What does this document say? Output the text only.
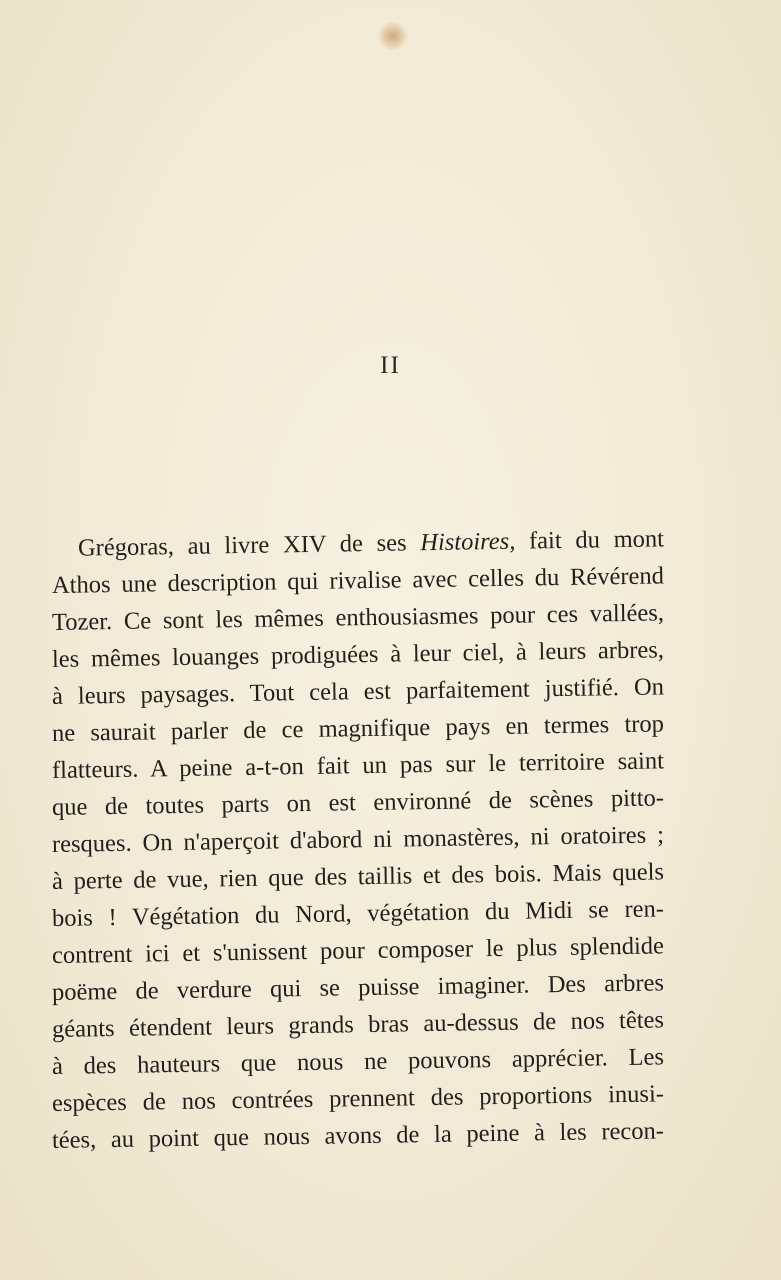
II
Grégoras, au livre XIV de ses Histoires, fait du mont
Athos une description qui rivalise avec celles du Révérend
Tozer. Ce sont les mêmes enthousiasmes pour ces vallées,
les mêmes louanges prodiguées à leur ciel, à leurs arbres,
à leurs paysages. Tout cela est parfaitement justifié. On
ne saurait parler de ce magnifique pays en termes trop
flatteurs. A peine a-t-on fait un pas sur le territoire saint
que de toutes parts on est environné de scènes pitto-
resques. On n'aperçoit d'abord ni monastères, ni oratoires ;
à perte de vue, rien que des taillis et des bois. Mais quels
bois ! Végétation du Nord, végétation du Midi se ren-
contrent ici et s'unissent pour composer le plus splendide
poëme de verdure qui se puisse imaginer. Des arbres
géants étendent leurs grands bras au-dessus de nos têtes
à des hauteurs que nous ne pouvons apprécier. Les
espèces de nos contrées prennent des proportions inusi-
tées, au point que nous avons de la peine à les recon-
